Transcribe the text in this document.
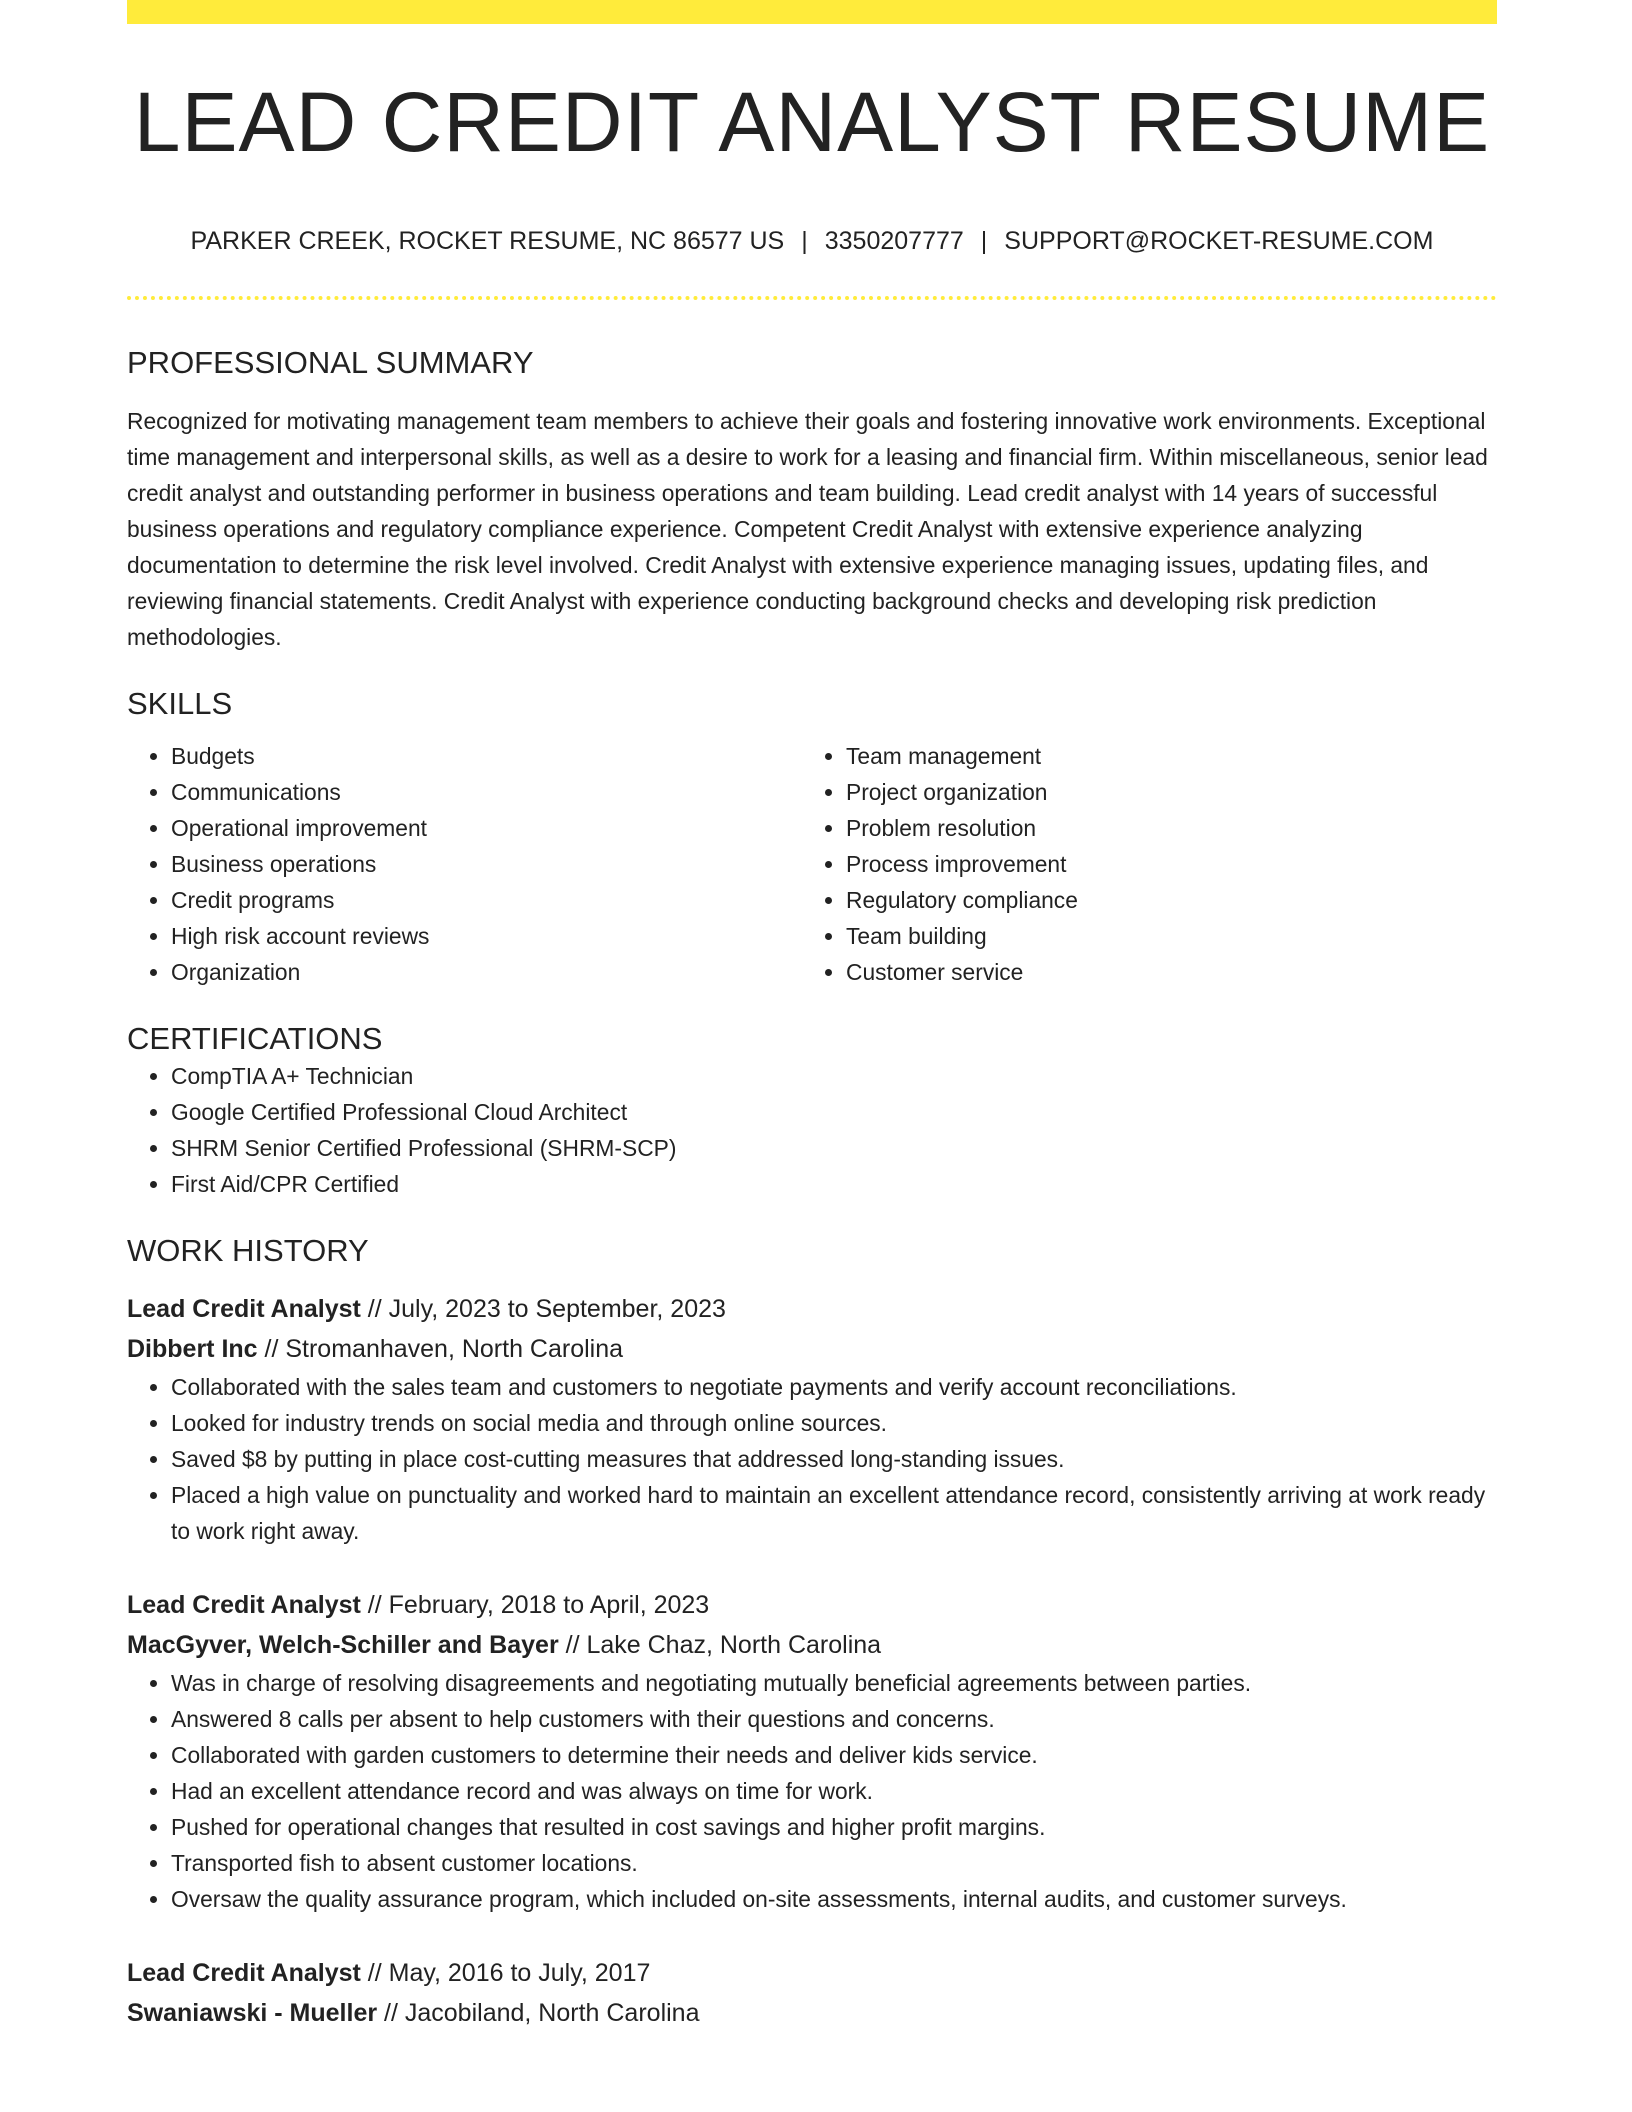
LEAD CREDIT ANALYST RESUME
PARKER CREEK, ROCKET RESUME, NC 86577 US | 3350207777 | SUPPORT@ROCKET-RESUME.COM
PROFESSIONAL SUMMARY

Recognized for motivating management team members to achieve their goals and fostering innovative work environments. Exceptional time management and interpersonal skills, as well as a desire to work for a leasing and financial firm. Within miscellaneous, senior lead credit analyst and outstanding performer in business operations and team building. Lead credit analyst with 14 years of successful business operations and regulatory compliance experience. Competent Credit Analyst with extensive experience analyzing documentation to determine the risk level involved. Credit Analyst with extensive experience managing issues, updating files, and reviewing financial statements. Credit Analyst with experience conducting background checks and developing risk prediction methodologies.

SKILLS
• Budgets
• Communications
• Operational improvement
• Business operations
• Credit programs
• High risk account reviews
• Organization
• Team management
• Project organization
• Problem resolution
• Process improvement
• Regulatory compliance
• Team building
• Customer service
CERTIFICATIONS
• CompTIA A+ Technician
• Google Certified Professional Cloud Architect
• SHRM Senior Certified Professional (SHRM-SCP)
• First Aid/CPR Certified
WORK HISTORY
Lead Credit Analyst // July, 2023 to September, 2023
Dibbert Inc // Stromanhaven, North Carolina
• Collaborated with the sales team and customers to negotiate payments and verify account reconciliations.
• Looked for industry trends on social media and through online sources.
• Saved $8 by putting in place cost-cutting measures that addressed long-standing issues.
• Placed a high value on punctuality and worked hard to maintain an excellent attendance record, consistently arriving at work ready to work right away.
Lead Credit Analyst // February, 2018 to April, 2023
MacGyver, Welch-Schiller and Bayer // Lake Chaz, North Carolina
• Was in charge of resolving disagreements and negotiating mutually beneficial agreements between parties.
• Answered 8 calls per absent to help customers with their questions and concerns.
• Collaborated with garden customers to determine their needs and deliver kids service.
• Had an excellent attendance record and was always on time for work.
• Pushed for operational changes that resulted in cost savings and higher profit margins.
• Transported fish to absent customer locations.
• Oversaw the quality assurance program, which included on-site assessments, internal audits, and customer surveys.
Lead Credit Analyst // May, 2016 to July, 2017
Swaniawski - Mueller // Jacobiland, North Carolina
